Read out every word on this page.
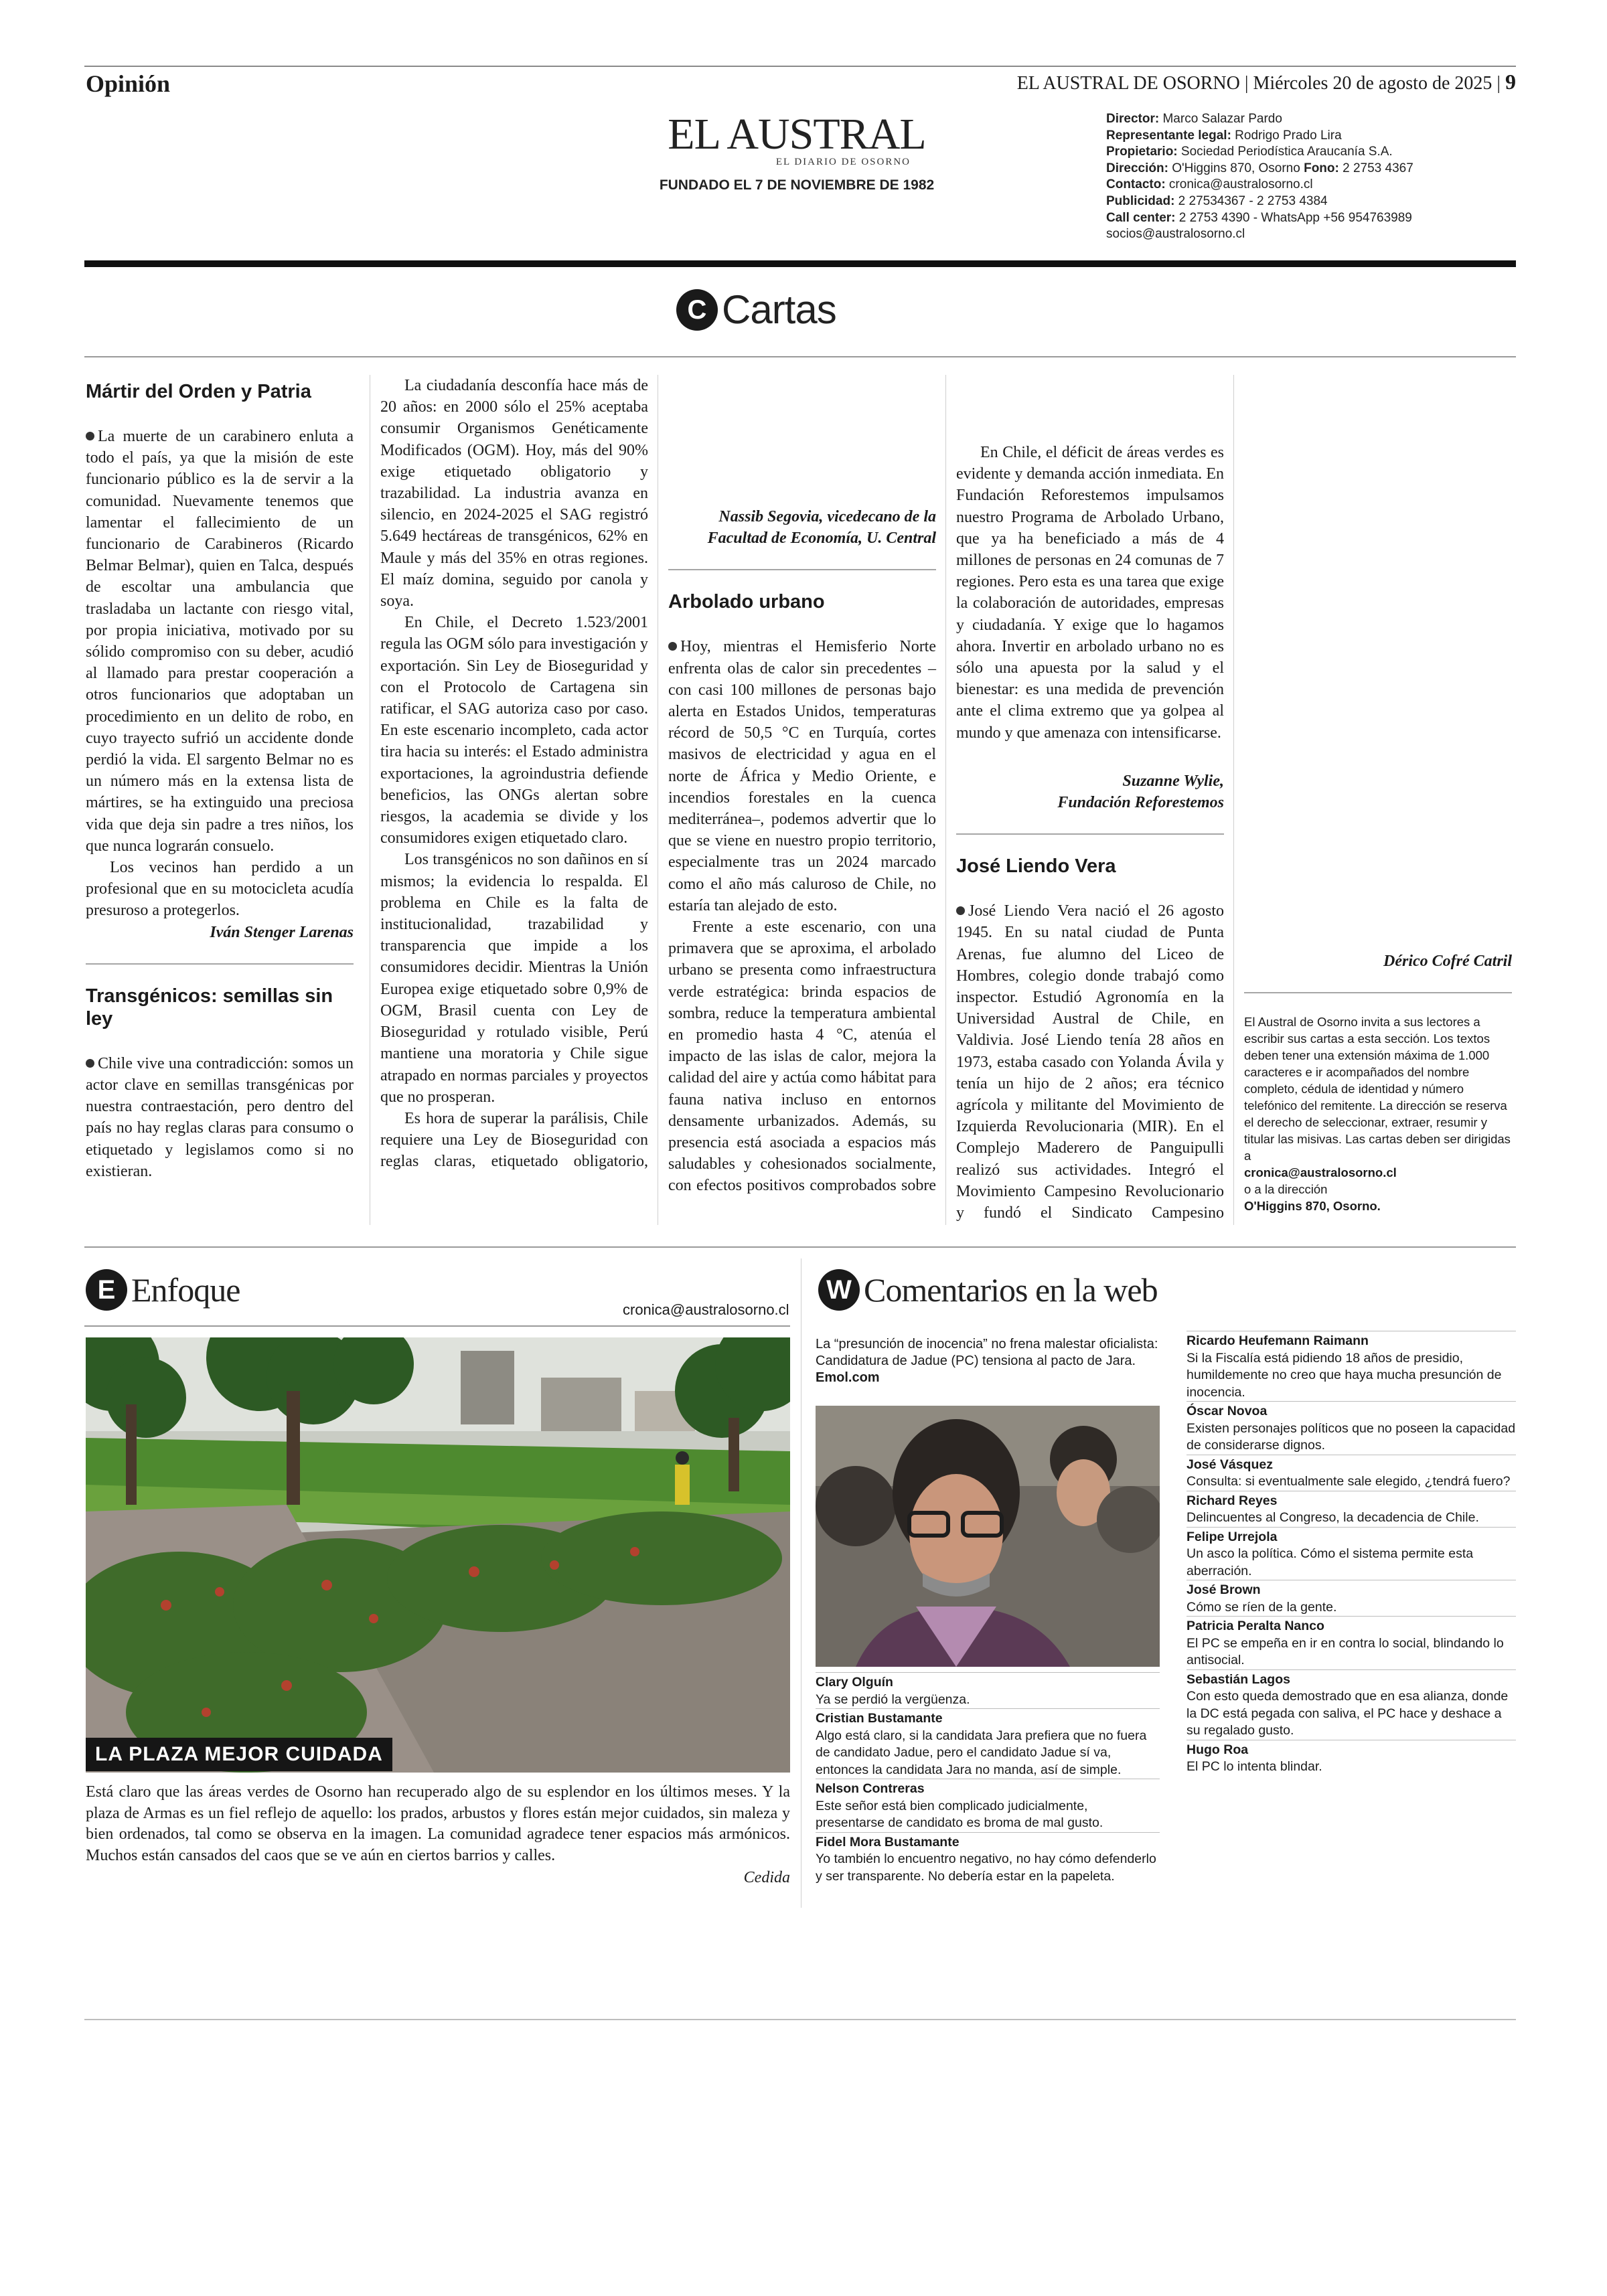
Opinión	EL AUSTRAL DE OSORNO | Miércoles 20 de agosto de 2025 | 9
EL AUSTRAL
EL DIARIO DE OSORNO
FUNDADO EL 7 DE NOVIEMBRE DE 1982
Director: Marco Salazar Pardo
Representante legal: Rodrigo Prado Lira
Propietario: Sociedad Periodística Araucanía S.A.
Dirección: O'Higgins 870, Osorno Fono: 2 2753 4367
Contacto: cronica@australosorno.cl
Publicidad: 2 27534367 - 2 2753 4384
Call center: 2 2753 4390 - WhatsApp +56 954763989
socios@australosorno.cl
C Cartas
Mártir del Orden y Patria

La muerte de un carabinero enluta a todo el país, ya que la misión de este funcionario público es la de servir a la comunidad. Nuevamente tenemos que lamentar el fallecimiento de un funcionario de Carabineros (Ricardo Belmar Belmar), quien en Talca, después de escoltar una ambulancia que trasladaba un lactante con riesgo vital, por propia iniciativa, motivado por su sólido compromiso con su deber, acudió al llamado para prestar cooperación a otros funcionarios que adoptaban un procedimiento en un delito de robo, en cuyo trayecto sufrió un accidente donde perdió la vida. El sargento Belmar no es un número más en la extensa lista de mártires, se ha extinguido una preciosa vida que deja sin padre a tres niños, los que nunca lograrán consuelo.

Los vecinos han perdido a un profesional que en su motocicleta acudía presuroso a protegerlos.

Iván Stenger Larenas

Transgénicos: semillas sin ley

Chile vive una contradicción: somos un actor clave en semillas transgénicas por nuestra contraestación, pero dentro del país no hay reglas claras para consumo o etiquetado y legislamos como si no existieran.

La ciudadanía desconfía hace más de 20 años: en 2000 sólo el 25% aceptaba consumir Organismos Genéticamente Modificados (OGM). Hoy, más del 90% exige etiquetado obligatorio y trazabilidad. La industria avanza en silencio, en 2024-2025 el SAG registró 5.649 hectáreas de transgénicos, 62% en Maule y más del 35% en otras regiones. El maíz domina, seguido por canola y soya.

En Chile, el Decreto 1.523/2001 regula las OGM sólo para investigación y exportación. Sin Ley de Bioseguridad y con el Protocolo de Cartagena sin ratificar, el SAG autoriza caso por caso. En este escenario incompleto, cada actor tira hacia su interés: el Estado administra exportaciones, la agroindustria defiende beneficios, las ONGs alertan sobre riesgos, la academia se divide y los consumidores exigen etiquetado claro.

Los transgénicos no son dañinos en sí mismos; la evidencia lo respalda. El problema en Chile es la falta de institucionalidad, trazabilidad y transparencia que impide a los consumidores decidir. Mientras la Unión Europea exige etiquetado sobre 0,9% de OGM, Brasil cuenta con Ley de Bioseguridad y rotulado visible, Perú mantiene una moratoria y Chile sigue atrapado en normas parciales y proyectos que no prosperan.

Es hora de superar la parálisis, Chile requiere una Ley de Bioseguridad con reglas claras, etiquetado obligatorio,

Nassib Segovia, vicedecano de la Facultad de Economía, U. Central

Arbolado urbano

Hoy, mientras el Hemisferio Norte enfrenta olas de calor sin precedentes –con casi 100 millones de personas bajo alerta en Estados Unidos, temperaturas récord de 50,5 °C en Turquía, cortes masivos de electricidad y agua en el norte de África y Medio Oriente, e incendios forestales en la cuenca mediterránea–, podemos advertir que lo que se viene en nuestro propio territorio, especialmente tras un 2024 marcado como el año más caluroso de Chile, no estaría tan alejado de esto.

Frente a este escenario, con una primavera que se aproxima, el arbolado urbano se presenta como infraestructura verde estratégica: brinda espacios de sombra, reduce la temperatura ambiental en promedio hasta 4 °C, atenúa el impacto de las islas de calor, mejora la calidad del aire y actúa como hábitat para fauna nativa incluso en entornos densamente urbanizados. Además, su presencia está asociada a espacios más saludables y cohesionados socialmente, con efectos positivos comprobados sobre

En Chile, el déficit de áreas verdes es evidente y demanda acción inmediata. En Fundación Reforestemos impulsamos nuestro Programa de Arbolado Urbano, que ya ha beneficiado a más de 4 millones de personas en 24 comunas de 7 regiones. Pero esta es una tarea que exige la colaboración de autoridades, empresas y ciudadanía. Y exige que lo hagamos ahora. Invertir en arbolado urbano no es sólo una apuesta por la salud y el bienestar: es una medida de prevención ante el clima extremo que ya golpea al mundo y que amenaza con intensificarse.

Suzanne Wylie,

Fundación Reforestemos

José Liendo Vera

José Liendo Vera nació el 26 agosto 1945. En su natal ciudad de Punta Arenas, fue alumno del Liceo de Hombres, colegio donde trabajó como inspector. Estudió Agronomía en la Universidad Austral de Chile, en Valdivia. José Liendo tenía 28 años en 1973, estaba casado con Yolanda Ávila y tenía un hijo de 2 años; era técnico agrícola y militante del Movimiento de Izquierda Revolucionaria (MIR). En el Complejo Maderero de Panguipulli realizó sus actividades. Integró el Movimiento Campesino Revolucionario y fundó el Sindicato Campesino

Dérico Cofré Catril

El Austral de Osorno invita a sus lectores a escribir sus cartas a esta sección. Los textos deben tener una extensión máxima de 1.000 caracteres e ir acompañados del nombre completo, cédula de identidad y número telefónico del remitente. La dirección se reserva el derecho de seleccionar, extraer, resumir y titular las misivas. Las cartas deben ser dirigidas a
cronica@australosorno.cl
o a la dirección
O'Higgins 870, Osorno.
E Enfoque
cronica@australosorno.cl
LA PLAZA MEJOR CUIDADA
Está claro que las áreas verdes de Osorno han recuperado algo de su esplendor en los últimos meses. Y la plaza de Armas es un fiel reflejo de aquello: los prados, arbustos y flores están mejor cuidados, sin maleza y bien ordenados, tal como se observa en la imagen. La comunidad agradece tener espacios más armónicos. Muchos están cansados del caos que se ve aún en ciertos barrios y calles.
Cedida
W Comentarios en la web
La “presunción de inocencia” no frena malestar oficialista: Candidatura de Jadue (PC) tensiona al pacto de Jara. Emol.com
Clary Olguín
Ya se perdió la vergüenza.
Cristian Bustamante
Algo está claro, si la candidata Jara prefiera que no fuera de candidato Jadue, pero el candidato Jadue sí va, entonces la candidata Jara no manda, así de simple.
Nelson Contreras
Este señor está bien complicado judicialmente, presentarse de candidato es broma de mal gusto.
Fidel Mora Bustamante
Yo también lo encuentro negativo, no hay cómo defenderlo y ser transparente. No debería estar en la papeleta.
Ricardo Heufemann Raimann
Si la Fiscalía está pidiendo 18 años de presidio, humildemente no creo que haya mucha presunción de inocencia.
Óscar Novoa
Existen personajes políticos que no poseen la capacidad de considerarse dignos.
José Vásquez
Consulta: si eventualmente sale elegido, ¿tendrá fuero?
Richard Reyes
Delincuentes al Congreso, la decadencia de Chile.
Felipe Urrejola
Un asco la política. Cómo el sistema permite esta aberración.
José Brown
Cómo se ríen de la gente.
Patricia Peralta Nanco
El PC se empeña en ir en contra lo social, blindando lo antisocial.
Sebastián Lagos
Con esto queda demostrado que en esa alianza, donde la DC está pegada con saliva, el PC hace y deshace a su regalado gusto.
Hugo Roa
El PC lo intenta blindar.
